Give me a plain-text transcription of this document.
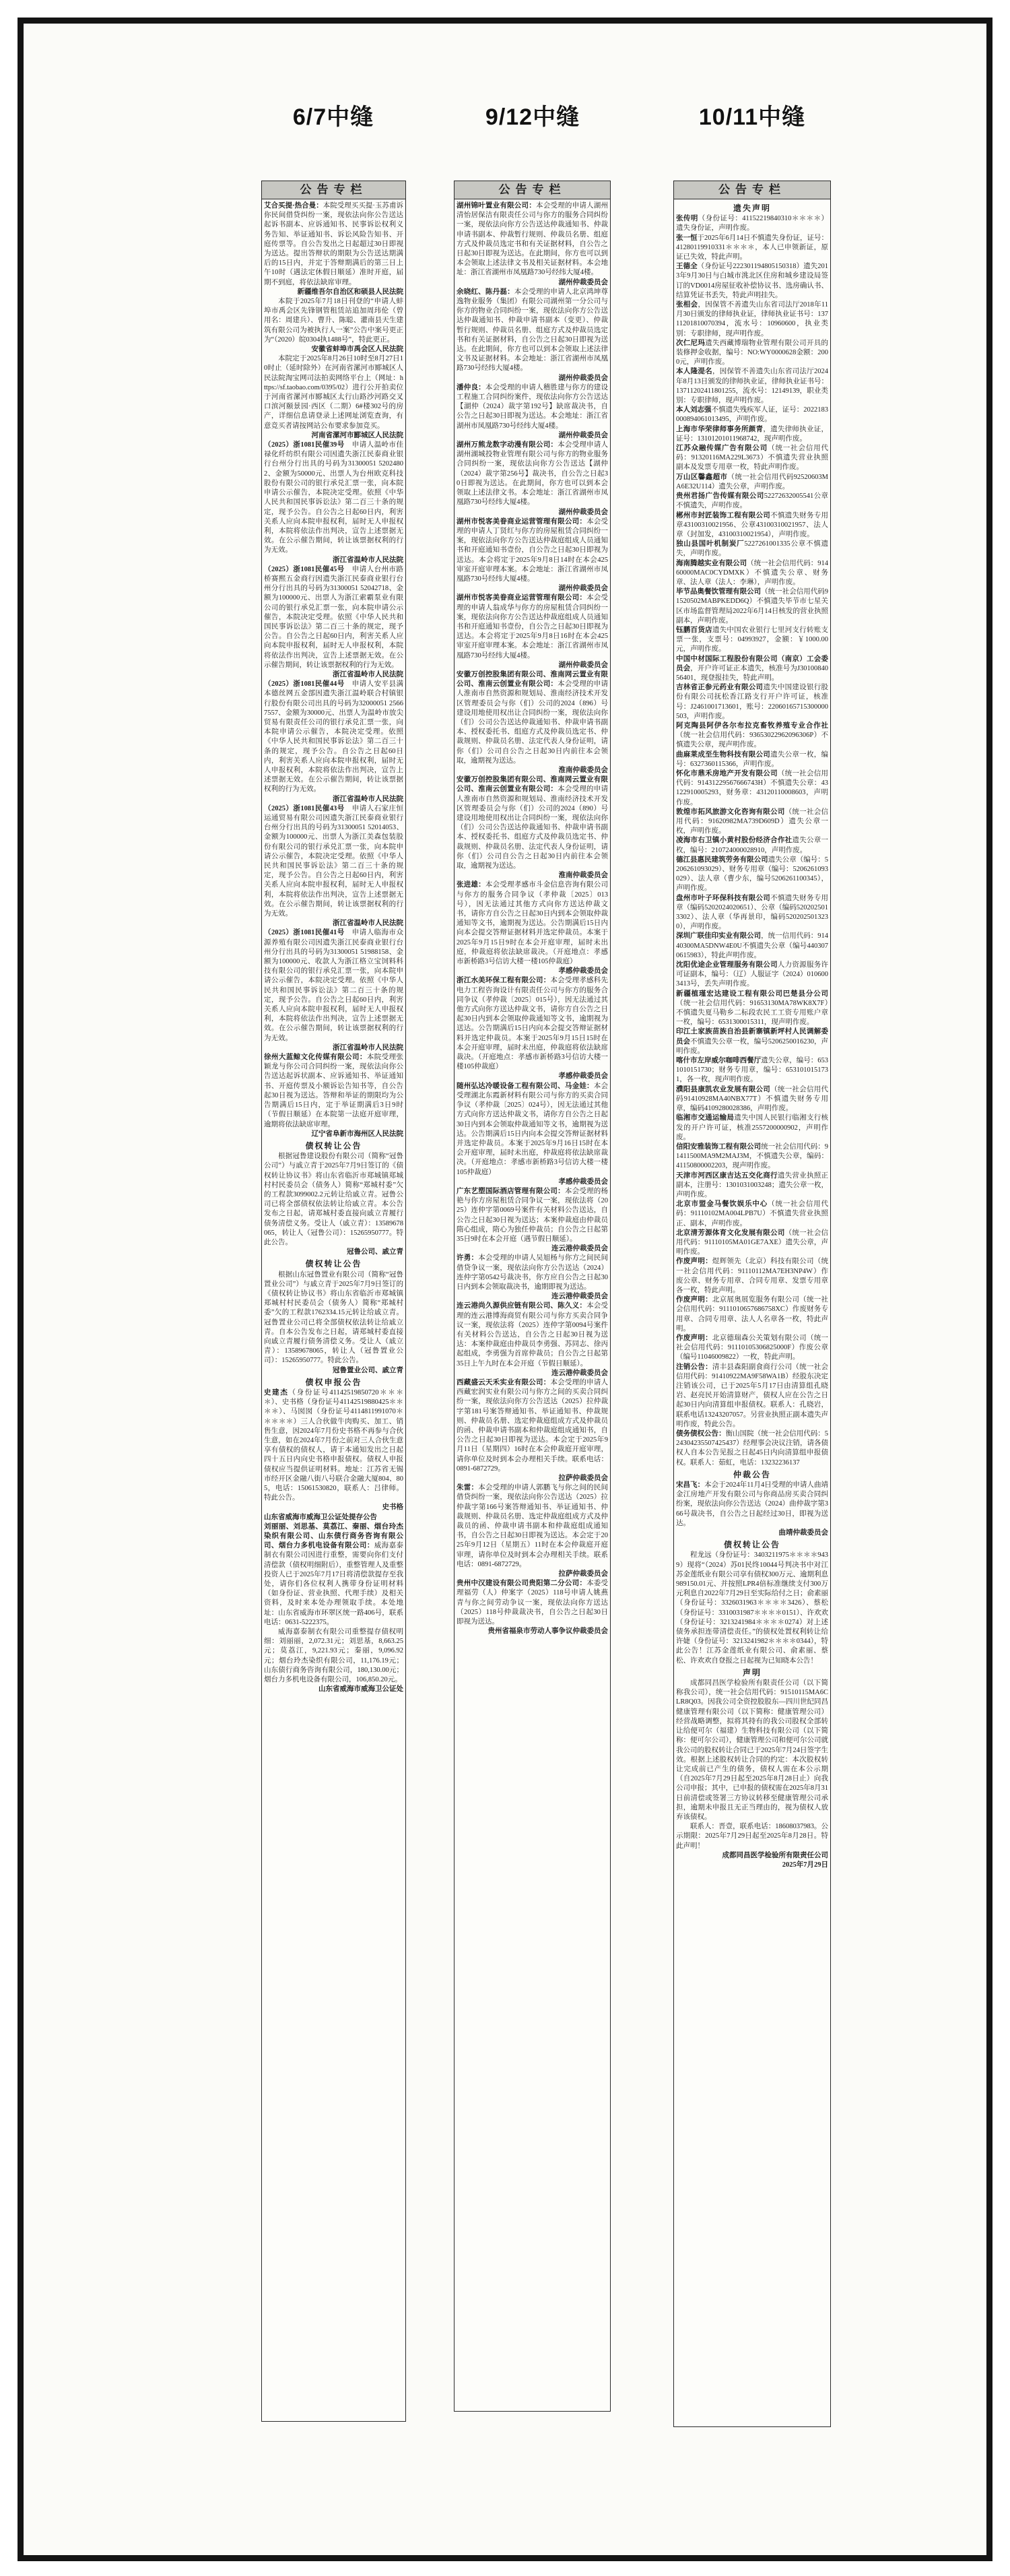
6/7中缝	9/12中缝	10/11中缝
公告专栏

艾合买提·热合曼：本院受理买买提·玉苏甫诉你民间借贷纠纷一案，现依法向你公告送达起诉书副本、应诉通知书、民事诉讼权利义务告知、举证通知书、诉讼风险告知书、开庭传票等。自公告发出之日起超过30日即视为送达。提出答辩状的期限为公告送达期满后的15日内，并定于答辩期满后的第三日上午10时（遇法定休假日顺延）准时开庭，届期不到庭，将依法缺席审理。

新疆维吾尔自治区和硕县人民法院

本院于2025年7月18日刊登的“申请人蚌埠市禹会区先锋钢管租赁站追加周玮伦（曾用名：周建兵）、曹升、陈聪、灌南县天生建筑有限公司为被执行人一案”公告中案号更正为“（2020）皖0304执1488号”，特此更正。

安徽省蚌埠市禹会区人民法院

本院定于2025年8月26日10时至8月27日10时止（延时除外）在河南省漯河市郾城区人民法院淘宝网司法拍卖网络平台上（网址：https://sf.taobao.com/0395/02）进行公开拍卖位于河南省漯河市郾城区太行山路沙河路交叉口滨河颐景园·西区（二期）6#楼302号的房产，详细信息请登录上述网址浏览查询，有意竞买者请按网站公布要求参加竞买。

河南省漯河市郾城区人民法院

（2025）浙1081民催39号　申请人温岭市佳禄化纤纺织有限公司因遗失浙江民泰商业银行台州分行出具的号码为31300051 52024802、金额为50000元、出票人为台州欧克科技股份有限公司的银行承兑汇票一张，向本院申请公示催告，本院决定受理。依照《中华人民共和国民事诉讼法》第二百三十条的规定，现予公告。自公告之日起60日内，利害关系人应向本院申报权利，届时无人申报权利，本院将依法作出判决，宣告上述票据无效。在公示催告期间，转让该票据权利的行为无效。

浙江省温岭市人民法院

（2025）浙1081民催45号　申请人台州市路桥赛熙五金商行因遗失浙江民泰商业银行台州分行出具的号码为31300051 52042718、金额为100000元、出票人为浙江索霸泵业有限公司的银行承兑汇票一张，向本院申请公示催告，本院决定受理。依照《中华人民共和国民事诉讼法》第二百三十条的规定，现予公告。自公告之日起60日内，利害关系人应向本院申报权利，届时无人申报权利，本院将依法作出判决，宣告上述票据无效。在公示催告期间，转让该票据权利的行为无效。

浙江省温岭市人民法院

（2025）浙1081民催44号　申请人安平县满本德丝网五金部因遗失浙江温岭联合村镇银行股份有限公司出具的号码为32000051 25667557、金额为30000元、出票人为温岭市放尖贸易有限责任公司的银行承兑汇票一张，向本院申请公示催告，本院决定受理。依照《中华人民共和国民事诉讼法》第二百三十条的规定，现予公告。自公告之日起60日内，利害关系人应向本院申报权利，届时无人申报权利，本院将依法作出判决，宣告上述票据无效。在公示催告期间，转让该票据权利的行为无效。

浙江省温岭市人民法院

（2025）浙1081民催43号　申请人石家庄恒运通贸易有限公司因遗失浙江民泰商业银行台州分行出具的号码为31300051 52014053、金额为100000元、出票人为浙江美森包装股份有限公司的银行承兑汇票一张，向本院申请公示催告，本院决定受理。依照《中华人民共和国民事诉讼法》第二百三十条的规定，现予公告。自公告之日起60日内，利害关系人应向本院申报权利，届时无人申报权利，本院将依法作出判决，宣告上述票据无效。在公示催告期间，转让该票据权利的行为无效。

浙江省温岭市人民法院

（2025）浙1081民催41号　申请人临海市众源养殖有限公司因遗失浙江民泰商业银行台州分行出具的号码为31300051 51988158、金额为100000元、收款人为浙江格立宝饲料科技有限公司的银行承兑汇票一张，向本院申请公示催告，本院决定受理。依照《中华人民共和国民事诉讼法》第二百三十条的规定，现予公告。自公告之日起60日内，利害关系人应向本院申报权利，届时无人申报权利，本院将依法作出判决，宣告上述票据无效。在公示催告期间，转让该票据权利的行为无效。

浙江省温岭市人民法院

徐州大蓝鲸文化传媒有限公司：本院受理张颖龙与你公司合同纠纷一案，现依法向你公告送达起诉状副本、应诉通知书、举证通知书、开庭传票及小额诉讼告知书等，自公告起30日视为送达。答辩和举证的期限均为公告期满后15日内，定于举证期满后3日9时（节假日顺延）在本院第一法庭开庭审理，逾期将依法缺席审理。

辽宁省阜新市海州区人民法院

债权转让公告

根据冠鲁建设股份有限公司（简称“冠鲁公司”）与戚立青于2025年7月9日签订的《债权转让协议书》将山东省临沂市郑城镇郑城村村民委员会（债务人）简称“郑城村委”欠的工程款3099002.2元转让给戚立青。冠鲁公司已将全部债权依法转让给戚立青。本公告发布之日起，请郑城村委直接向戚立青履行债务清偿义务。受让人（戚立青）：13589678065，转让人（冠鲁公司）：15265950777。特此公告。

冠鲁公司、戚立青

债权转让公告

根据山东冠鲁置业有限公司（简称“冠鲁置业公司”）与戚立青于2025年7月9日签订的《债权转让协议书》将山东省临沂市郑城镇郑城村村民委员会（债务人）简称“郑城村委”欠的工程款1762334.15元转让给戚立青。冠鲁置业公司已将全部债权依法转让给戚立青。自本公告发布之日起，请郑城村委直接向戚立青履行债务清偿义务。受让人（戚立青）：13589678065，转让人（冠鲁置业公司）：15265950777。特此公告。

冠鲁置业公司、戚立青

债权申报公告

史建杰（身份证号41142519850720＊＊＊＊）、史书格（身份证号41142519880425＊＊＊＊）、马囡囡（身份证号4114811991070＊＊＊＊＊）三人合伙做牛肉购买、加工、销售生意，因2024年7月份史书格不再参与合伙生意，如在2024年7月份之前对三人合伙生意享有债权的债权人，请于本通知发出之日起四十五日内向史书格申报债权。债权人申报债权应当提供证明材料。地址：江苏省无锡市经开区金融八街八号联合金融大厦804、805，电话：15061530820，联系人：吕律师。特此公告。

史书格

山东省威海市威海卫公证处提存公告

刘丽丽、刘思基、莫荔江、秦丽、烟台玲杰染织有限公司、山东债行商务咨询有限公司、烟台力多机电设备有限公司：威海嘉泰制衣有限公司因进行重整，需要向你们支付清偿款（债权明细附后），重整管理人及重整投资人已于2025年7月17日将清偿款提存至我处，请你们各位权利人携带身份证明材料（如身份证、营业执照、代理手续）及相关资料，及时来本处办理领取手续。本处地址：山东省威海市环翠区统一路406号，联系电话：0631-5222375。

威海嘉泰制衣有限公司重整提存债权明细：刘丽丽，2,072.31元；刘思基，8,663.25元；莫荔江，9,221.93元；秦丽，9,096.92元；烟台玲杰染织有限公司，11,176.19元；山东债行商务咨询有限公司，180,130.00元；烟台力多机电设备有限公司，106,850.20元。

山东省威海市威海卫公证处

公告专栏

湖州锦叶置业有限公司：本会受理的申请人湖州清怡居保洁有限责任公司与你方的服务合同纠纷一案，现依法向你方公告送达仲裁通知书、仲裁申请书副本、仲裁暂行规则、仲裁员名册、组庭方式及仲裁员选定书和有关证据材料，自公告之日起30日即视为送达。在此期间，你方也可以到本会领取上述法律文书及相关证据材料。本会地址：浙江省湖州市凤凰路730号经纬大厦4楼。

湖州仲裁委员会

余晓红、陈丹磊：本会受理的申请人北京鸿坤尊逸物业服务（集团）有限公司湖州第一分公司与你方的物业合同纠纷一案，现依法向你方公告送达仲裁通知书、仲裁申请书副本（变更）、仲裁暂行规则、仲裁员名册、组庭方式及仲裁员选定书和有关证据材料，自公告之日起30日即视为送达。在此期间，你方也可以到本会领取上述法律文书及证据材料。本会地址：浙江省湖州市凤凰路730号经纬大厦4楼。

湖州仲裁委员会

潘仲良：本会受理的申请人稽胜建与你方的建设工程施工合同纠纷案件，现依法向你方公告送达【湖仲（2024）裁字第192号】缺席裁决书，自公告之日起30日即视为送达。本会地址：浙江省湖州市凤凰路730号经纬大厦4楼。

湖州仲裁委员会

湖州万熊龙数字动漫有限公司：本会受理申请人湖州湖城投物业管理有限公司与你方的物业服务合同纠纷一案，现依法向你方公告送达【湖仲（2024）裁字第256号】裁决书，自公告之日起30日即视为送达。在此期间，你方也可以到本会领取上述法律文书。本会地址：浙江省湖州市凤凰路730号经纬大厦4楼。

湖州仲裁委员会

湖州市悦客美眷商业运营管理有限公司：本会受理的申请人丁贤红与你方的房屋租赁合同纠纷一案，现依法向你方公告送达仲裁庭组成人员通知书和开庭通知书壹份，自公告之日起30日即视为送达。本会将定于2025年9月8日14时在本会425审室开庭审理本案。本会地址：浙江省湖州市凤凰路730号经纬大厦4楼。

湖州仲裁委员会

湖州市悦客美眷商业运营管理有限公司：本会受理的申请人翁成华与你方的房屋租赁合同纠纷一案，现依法向你方公告送达仲裁庭组成人员通知书和开庭通知书壹份，自公告之日起30日即视为送达。本会将定于2025年9月8日16时在本会425审室开庭审理本案。本会地址：浙江省湖州市凤凰路730号经纬大厦4楼。

湖州仲裁委员会

安徽万创控股集团有限公司、淮南网云置业有限公司、淮南云创置业有限公司：本会受理的申请人淮南市自然资源和规划局、淮南经济技术开发区管理委员会与你（们）公司的2024（896）号建设用地使用权出让合同纠纷一案，现依法向你（们）公司公告送达仲裁通知书、仲裁申请书副本、授权委托书、组庭方式及仲裁员选定书、仲裁规则、仲裁员名册、法定代表人身份证明，请你（们）公司自公告之日起30日内前往本会领取，逾期视为送达。

淮南仲裁委员会

安徽万创控股集团有限公司、淮南网云置业有限公司、淮南云创置业有限公司：本会受理的申请人淮南市自然资源和规划局、淮南经济技术开发区管理委员会与你（们）公司的2024（890）号建设用地使用权出让合同纠纷一案，现依法向你（们）公司公告送达仲裁通知书、仲裁申请书副本、授权委托书、组庭方式及仲裁员选定书、仲裁规则、仲裁员名册、法定代表人身份证明，请你（们）公司自公告之日起30日内前往本会领取，逾期视为送达。

淮南仲裁委员会

张进雄：本会受理孝感市斗金信息咨询有限公司与你方的服务合同争议（孝仲裁〔2025〕013号），因无法通过其他方式向你方送达仲裁文书，请你方自公告之日起30日内到本会领取仲裁通知等文书，逾期视为送达。公告期满后15日内向本会提交答辩证据材料并选定仲裁员。本案于2025年9月15日9时在本会开庭审理，届时未出庭，仲裁庭将依法缺席裁决。（开庭地点：孝感市新桥路3号信访大楼一楼105仲裁庭）

孝感仲裁委员会

浙江水美环保工程有限公司：本会受理孝感科先电力工程咨询设计有限责任公司与你方的服务合同争议（孝仲裁〔2025〕015号），因无法通过其他方式向你方送达仲裁文书，请你方自公告之日起30日内到本会领取仲裁通知等文书，逾期视为送达。公告期满后15日内向本会提交答辩证据材料并选定仲裁员。本案于2025年9月15日15时在本会开庭审理，届时未出庭，仲裁庭将依法缺席裁决。（开庭地点：孝感市新桥路3号信访大楼一楼105仲裁庭）

孝感仲裁委员会

随州弘达冷暖设备工程有限公司、马金娃：本会受理湖北东霞新材料有限公司与你方的买卖合同争议（孝仲裁〔2025〕024号），因无法通过其他方式向你方送达仲裁文书，请你方自公告之日起30日内到本会领取仲裁通知等文书，逾期视为送达。公告期满后15日内向本会提交答辩证据材料并选定仲裁员。本案于2025年9月16日15时在本会开庭审理，届时未出庭，仲裁庭将依法缺席裁决。（开庭地点：孝感市新桥路3号信访大楼一楼105仲裁庭）

孝感仲裁委员会

广东艺塑国际酒店管理有限公司：本会受理的杨艳与你方房屋租赁合同争议一案，现依法将（2025）连仲字第0069号案件有关材料公告送达，自公告之日起30日视为送达；本案仲裁庭由仲裁员隋心组成，隋心为独任仲裁员；自公告之日起第35日9时在本会开庭（遇节假日顺延）。

连云港仲裁委员会

许勇：本会受理的申请人吴旭杨与你方之间民间借贷争议一案，现依法向你方公告送达（2024）连仲字第0542号裁决书，你方应自公告之日起30日内到本会领取裁决书，逾期即视为送达。

连云港仲裁委员会

连云港尚久源供应链有限公司、陈久义：本会受理的连云港博海商贸有限公司与你方买卖合同争议一案，现依法将（2025）连仲字第0094号案件有关材料公告送达，自公告之日起30日视为送达：本案仲裁庭由仲裁员李勇强、苏同志、徐丙起组成，李勇强为首席仲裁员；自公告之日起第35日上午九时在本会开庭（节假日顺延）。

连云港仲裁委员会

西藏盛云天禾实业有限公司：本会受理的申请人西藏宏润实业有限公司与你方之间的买卖合同纠纷一案，现依法向你方公告送达（2025）拉仲裁字第181号案答辩通知书、举证通知书、仲裁规则、仲裁员名册、选定仲裁庭组成方式及仲裁员的函、仲裁申请书副本和仲裁庭组成通知书，自公告之日起30日即视为送达。本会定于2025年9月11日（星期四）16时在本会仲裁庭开庭审理，请你单位及时到本会办理相关手续。联系电话：0891-6872729。

拉萨仲裁委员会

朱雷：本会受理的申请人郭鹏飞与你之间的民间借贷纠纷一案，现依法向你公告送达（2025）拉仲裁字第166号案答辩通知书、举证通知书、仲裁规则、仲裁员名册、选定仲裁庭组成方式及仲裁员的函、仲裁申请书副本和仲裁庭组成通知书，自公告之日起30日即视为送达。本会定于2025年9月12日（星期五）11时在本会仲裁庭开庭审理，请你单位及时到本会办理相关手续。联系电话：0891-6872729。

拉萨仲裁委员会

贵州中汉建设有限公司贵阳第二分公司：本委受理福劳（人）仲案字（2025）118号申请人姚燕青与你之间劳动争议一案，现依法向你方送达（2025）118号仲裁裁决书，自公告之日起30日即视为送达。

贵州省福泉市劳动人事争议仲裁委员会

公告专栏

遗失声明

张传明（身份证号：41152219840310＊＊＊＊）遗失身份证，声明作废。

张一恒于2025年6月14日不慎遗失身份证，证号：41280119910331＊＊＊＊，本人已申领新证，原证已失效，特此声明。

王德全（身份证号222301194805150318）遗失2013年9月30日与白城市洮北区住房和城乡建设局签订的VD0014房屋征收补偿协议书、选房确认书、结算凭证书丢失，特此声明挂失。

张相会，因保管不善遗失山东省司法厅2018年11月30日颁发的律师执业证，律师执业证书号：13711201810070394，流水号：10960600，执业类别：专职律师，现声明作废。

次仁尼玛遗失西藏博瑞物业管理有限公司开具的装修押金收据，编号：NO:WY0000628金额：2000元，声明作废。

本人隆湜名，因保管不善遗失山东省司法厅2024年8月13日颁发的律师执业证，律师执业证书号：13711202411801255，流水号：12149139，职业类别：专职律师，现声明作废。

本人刘志强不慎遗失残疾军人证，证号：2022183000894061013495，声明作废。

上海市华荣律师事务所颜青，遗失律师执业证，证号：13101201011968742，现声明作废。

江苏众融传媒广告有限公司（统一社会信用代码：91320116MA229L3673）不慎遗失营业执照副本及发票专用章一枚，特此声明作废。

万山区馨鑫超市（统一社会信用代码92520603MA6E32U114）遗失公章，声明作废。

贵州君扬广告传媒有限公司52272632005541公章不慎遗失，声明作废。

郴州市封匠装饰工程有限公司不慎遗失财务专用章43100310021956、公章43100310021957、法人章（封加发，43100310021954），声明作废。

独山县国叶机制炭厂5227261001335公章不慎遗失，声明作废。

海南腾越实业有限公司（统一社会信用代码：91460000MAC0CYDMXK）不慎遗失公章、财务章、法人章（法人：李琳），声明作废。

毕节品奥餐饮管理有限公司（统一社会信用代码91520502MABPKEDD6Q）不慎遗失毕节市七星关区市场监督管理局2022年6月14日核发的营业执照副本，声明作废。

钰鹏百货店遗失中国农业银行七里河支行转账支票一张，支票号：04993927，金额：￥1000.00元，声明作废。

中国中材国际工程股份有限公司（南京）工会委员会，开户许可证正本遗失，核准号为J3010084056401，现登报挂失，特此声明。

吉林省正参元药业有限公司遗失中国建设银行股份有限公司抚松香江路支行开户许可证，核准号：J2461001713601，账号：22060165715300000503，声明作废。

阿克陶县阿伊各尔布拉克畜牧养殖专业合作社（统一社会信用代码：93653022962096306P）不慎遗失公章，现声明作废。

曲麻莱成至生物科技有限公司遗失公章一枚，编号：6327360115366，声明作废。

怀化市鼎禾房地产开发有限公司（统一社会信用代码：91431229567666743H）不慎遗失公章：43122910005293，财务章：43120110008603，声明作废。

敦煌市拓风旅游文化咨询有限公司（统一社会信用代码：91620982MA739D609D）遗失公章一枚，声明作废。

凌海市右卫镇小黄村股份经济合作社遗失公章一枚，编号：210724000028910，声明作废。

德江县惠民建筑劳务有限公司遗失公章（编号：5206261093029）、财务专用章（编号：5206261093029）、法人章（曹少东，编号5206261100345），声明作废。

盘州市叶子环保科技有限公司不慎遗失财务专用章（编码5202024020651）、公章（编码5202025013302）、法人章（华再景印，编码5202025013230），声明作废。

深圳广联佳印实业有限公司，统一信用代码：91440300MA5DNW4E0U不慎遗失公章（编号4403070615983），特此声明作废。

沈阳优途企业管理服务有限公司人力资源服务许可证副本，编号：（辽）人服证字（2024）0106003413号，丢失声明作废。

新疆植瑾宏达建设工程有限公司巴楚县分公司（统一社会信用代码：91653130MA78WK8X7F）不慎遗失夏马勒乡二标段农民工工资专用账户章一枚，编号：6531300015311，现声明作废。

印江土家族苗族自治县新寨镇新坪村人民调解委员会不慎遗失公章一枚，编号5206250016230，声明作废。

喀什市左岸威尔咖啡西餐厅遗失公章，编号：6531010151730；财务专用章，编号：6531010151731，各一枚，现声明作废。

濮阳县康凯农业发展有限公司（统一社会信用代码91410928MA40NBX77T）不慎遗失财务专用章，编码4109280028386，声明作废。

临湘市交通运输局遗失中国人民银行临湘支行核发的开户许可证，核准2557200000902，声明作废。

信阳安雅装饰工程有限公司统一社会信用代码：91411500MA9M2MAJ3M，不慎遗失公章，编码：41150800002203，现声明作废。

天津市河西区康吉达五交化商行遗失营业执照正副本，注册号：1301031003248；遗失公章一枚，声明作废。

北京市盟金马餐饮娱乐中心（统一社会信用代码：91110102MA004LPB7U）不慎遗失营业执照正、副本，声明作废。

北京清芳源体育文化发展有限公司（统一社会信用代码：91110105MA01GE7AXE）遗失公章，声明作废。

作废声明：煜辉领先（北京）科技有限公司（统一社会信用代码：91110112MA7EH3NP4W）作废公章、财务专用章、合同专用章、发票专用章各一枚，特此声明。

作废声明：北京展奥展览服务有限公司（统一社会信用代码：9111010657686758XC）作废财务专用章、合同专用章、法人人名章各一枚，特此声明。

作废声明：北京德瑞森公关策划有限公司（统一社会信用代码：91110105306825000F）作废公章（编号11046009822）一枚，特此声明。

注销公告：清丰县森阳副食商行公司（统一社会信用代码：91410922MA9F58WA1B）经股东决定注销该公司，已于2025年5月17日由清算组孔晓岩、赵亮民开始清算财产，债权人应在公告之日起30日内向清算组申报债权。联系人：孔晓岩，联系电话13243207057。另营业执照正副本遗失声明作废，特此公告。

债务债权公告：衡山国院（统一社会信用代码：524304235507425437）经理事会决议注销，请各债权人自本公告见报之日起45日内向清算组申报债权。联系人：茹虹，电话：13232236137

仲裁公告

宋昌飞：本会于2024年11月4日受理的申请人曲靖金江房地产开发有限公司与你商品房买卖合同纠纷案，现依法向你公告送达（2024）曲仲裁字第366号裁决书，自公告之日起经过30日，即视为送达。

曲靖仲裁委员会

债权转让公告

程龙远（身份证号：3403211975＊＊＊＊9439）现将“（2024）苏01民终10044号判决书中对江苏金莲纸业有限公司享有债权300万元、逾期利息989150.01元、并按照LPR4倍标准继续支付300万元利息自2022年7月29日至实际给付之日；俞素丽（身份证号：3326031963＊＊＊＊3426）、蔡松（身份证号：3310031987＊＊＊＊0151）、许欢欢（身份证号：3213241984＊＊＊＊0274）对上述债务承担连带清偿责任。”的债权处置权利转让给许婕（身份证号：3213241982＊＊＊＊0344），特此公告！江苏金莲纸业有限公司、俞素丽、蔡松、许欢欢自登报之日起视为已知晓本公告！

声明

成都同昌医学检验所有限责任公司（以下简称我公司），统一社会信用代码：91510115MA6CLR8Q03。因我公司全资控股股东—四川世纪同昌健康管理有限公司（以下简称：健康管理公司）经营战略调整，拟将其持有的我公司股权全部转让给便可尔（福建）生物科技有限公司（以下简称：便可尔公司），健康管理公司和便可尔公司就我公司的股权转让合同已于2025年7月24日签字生效。根据上述股权转让合同的约定：本次股权转让完成前已产生的债务，债权人需在本公示期（自2025年7月29日起至2025年8月28日止）向我公司申报；其中，已申报的债权需在2025年8月31日前清偿或签署三方协议转移至健康管理公司承担，逾期未申报且无正当理由的，视为债权人放弃该债权。

联系人：晋壹，联系电话：18608037983。公示期限：2025年7月29日起至2025年8月28日。特此声明！

成都同昌医学检验所有限责任公司

2025年7月29日
